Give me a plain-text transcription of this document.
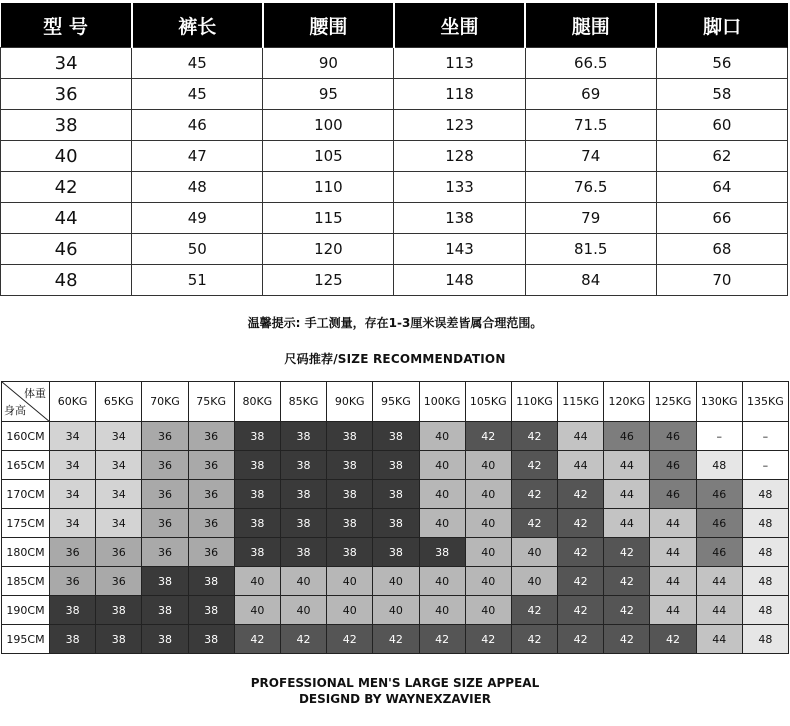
型 号	裤长	腰围	坐围	腿围	脚口
34	45	90	113	66.5	56
36	45	95	118	69	58
38	46	100	123	71.5	60
40	47	105	128	74	62
42	48	110	133	76.5	64
44	49	115	138	79	66
46	50	120	143	81.5	68
48	51	125	148	84	70
温馨提示: 手工测量，存在1-3厘米误差皆属合理范围。
尺码推荐/SIZE RECOMMENDATION
体重
身高	60KG	65KG	70KG	75KG	80KG	85KG	90KG	95KG	100KG	105KG	110KG	115KG	120KG	125KG	130KG	135KG
160CM	34	34	36	36	38	38	38	38	40	42	42	44	46	46	–	–
165CM	34	34	36	36	38	38	38	38	40	40	42	44	44	46	48	–
170CM	34	34	36	36	38	38	38	38	40	40	42	42	44	46	46	48
175CM	34	34	36	36	38	38	38	38	40	40	42	42	44	44	46	48
180CM	36	36	36	36	38	38	38	38	38	40	40	42	42	44	46	48
185CM	36	36	38	38	40	40	40	40	40	40	40	42	42	44	44	48
190CM	38	38	38	38	40	40	40	40	40	40	42	42	42	44	44	48
195CM	38	38	38	38	42	42	42	42	42	42	42	42	42	42	44	48
PROFESSIONAL MEN'S LARGE SIZE APPEAL
DESIGND BY WAYNEXZAVIER
